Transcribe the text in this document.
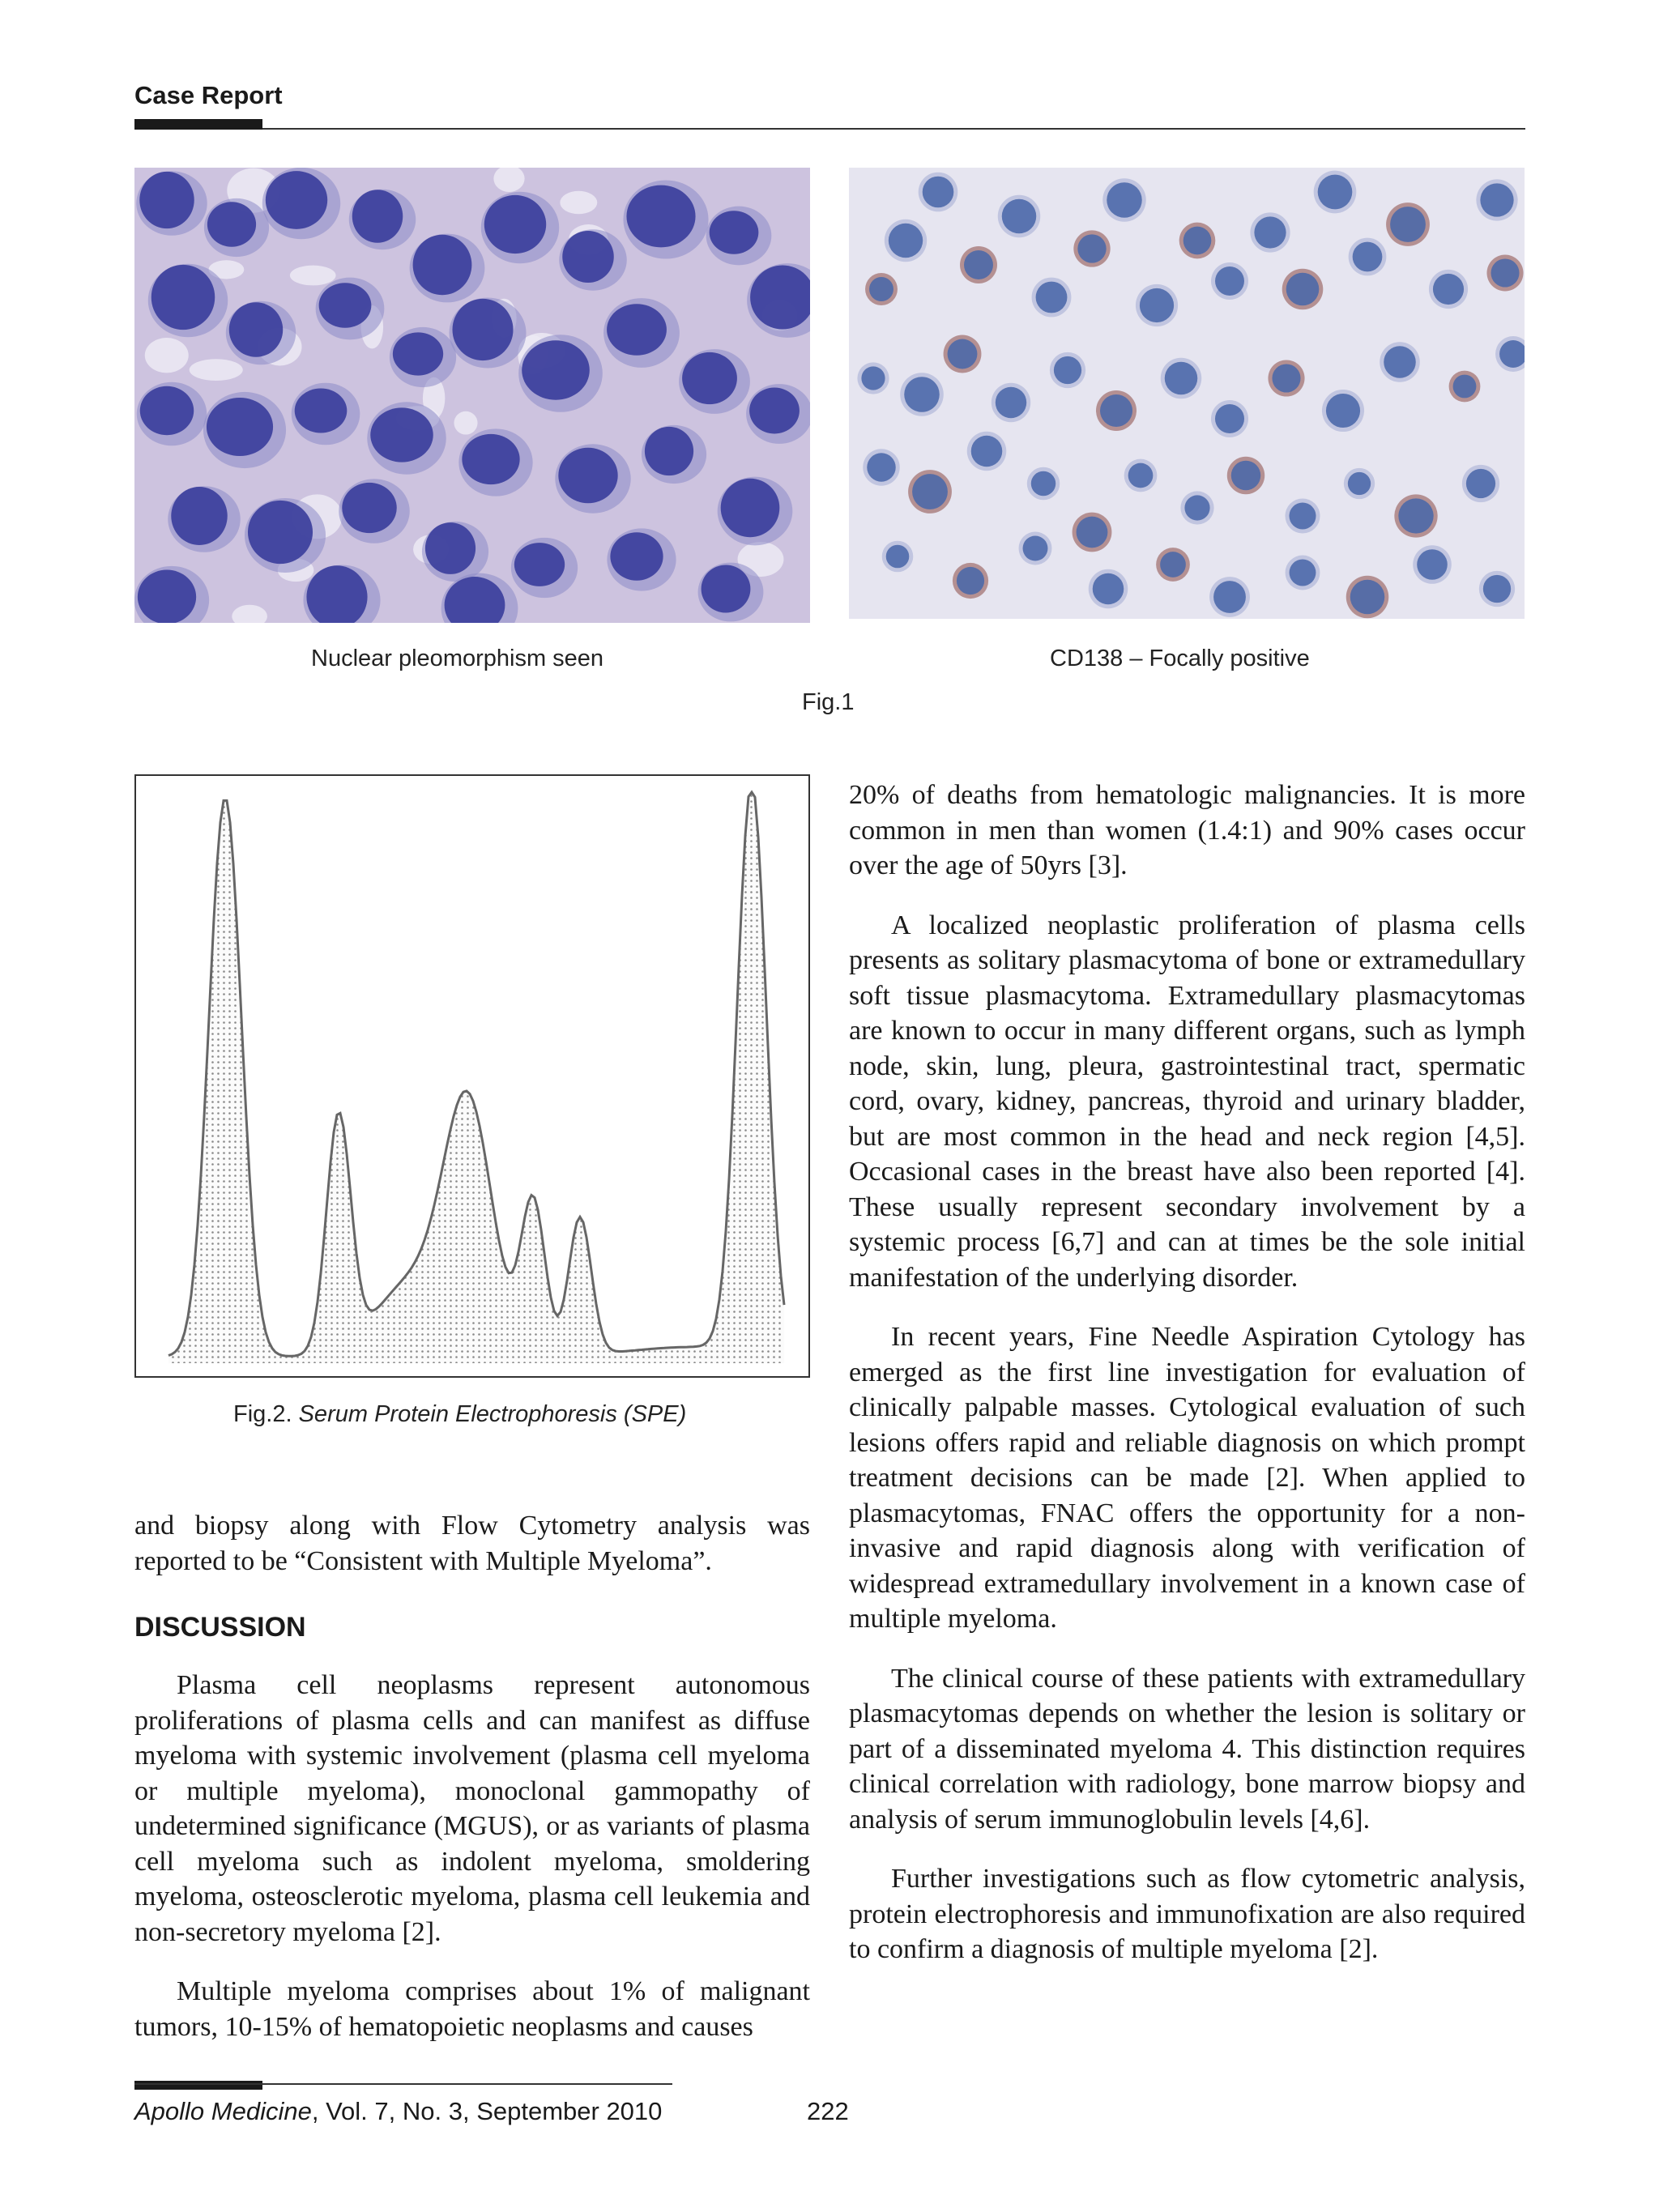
Case Report
Nuclear pleomorphism seen	CD138 – Focally positive
Fig.1
Fig.2. Serum Protein Electrophoresis (SPE)

and biopsy along with Flow Cytometry analysis was reported to be “Consistent with Multiple Myeloma”.

DISCUSSION

Plasma cell neoplasms represent autonomous proliferations of plasma cells and can manifest as diffuse myeloma with systemic involvement (plasma cell myeloma or multiple myeloma), monoclonal gammopathy of undetermined significance (MGUS), or as variants of plasma cell myeloma such as indolent myeloma, smoldering myeloma, osteosclerotic myeloma, plasma cell leukemia and non-secretory myeloma [2].

Multiple myeloma comprises about 1% of malignant tumors, 10-15% of hematopoietic neoplasms and causes

20% of deaths from hematologic malignancies. It is more common in men than women (1.4:1) and 90% cases occur over the age of 50yrs [3].

A localized neoplastic proliferation of plasma cells presents as solitary plasmacytoma of bone or extramedullary soft tissue plasmacytoma. Extramedullary plasmacytomas are known to occur in many different organs, such as lymph node, skin, lung, pleura, gastrointestinal tract, spermatic cord, ovary, kidney, pancreas, thyroid and urinary bladder, but are most common in the head and neck region [4,5]. Occasional cases in the breast have also been reported [4]. These usually represent secondary involvement by a systemic process [6,7] and can at times be the sole initial manifestation of the underlying disorder.

In recent years, Fine Needle Aspiration Cytology has emerged as the first line investigation for evaluation of clinically palpable masses. Cytological evaluation of such lesions offers rapid and reliable diagnosis on which prompt treatment decisions can be made [2]. When applied to plasmacytomas, FNAC offers the opportunity for a non-invasive and rapid diagnosis along with verification of widespread extramedullary involvement in a known case of multiple myeloma.

The clinical course of these patients with extramedullary plasmacytomas depends on whether the lesion is solitary or part of a disseminated myeloma 4. This distinction requires clinical correlation with radiology, bone marrow biopsy and analysis of serum immunoglobulin levels [4,6].

Further investigations such as flow cytometric analysis, protein electrophoresis and immunofixation are also required to confirm a diagnosis of multiple myeloma [2].

Apollo Medicine, Vol. 7, No. 3, September 2010	222
